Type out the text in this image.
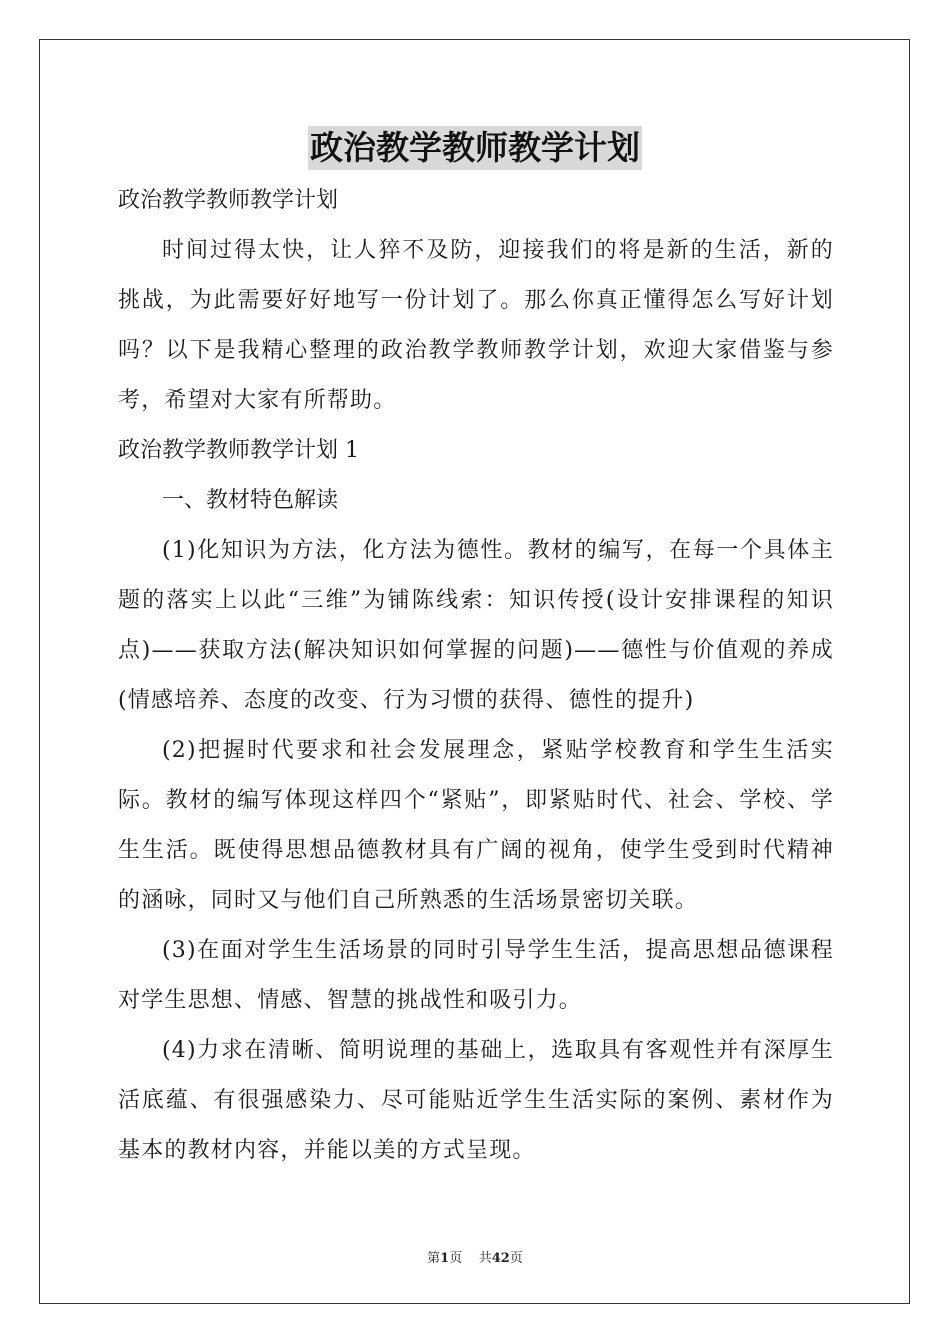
政治教学教师教学计划

政治教学教师教学计划

时间过得太快，让人猝不及防，迎接我们的将是新的生活，新的挑战，为此需要好好地写一份计划了。那么你真正懂得怎么写好计划吗？以下是我精心整理的政治教学教师教学计划，欢迎大家借鉴与参考，希望对大家有所帮助。

政治教学教师教学计划 1

一、教材特色解读

(1)化知识为方法，化方法为德性。教材的编写，在每一个具体主题的落实上以此“三维”为铺陈线索：知识传授(设计安排课程的知识点)——获取方法(解决知识如何掌握的问题)——德性与价值观的养成(情感培养、态度的改变、行为习惯的获得、德性的提升)

(2)把握时代要求和社会发展理念，紧贴学校教育和学生生活实际。教材的编写体现这样四个“紧贴”，即紧贴时代、社会、学校、学生生活。既使得思想品德教材具有广阔的视角，使学生受到时代精神的涵咏，同时又与他们自己所熟悉的生活场景密切关联。

(3)在面对学生生活场景的同时引导学生生活，提高思想品德课程对学生思想、情感、智慧的挑战性和吸引力。

(4)力求在清晰、简明说理的基础上，选取具有客观性并有深厚生活底蕴、有很强感染力、尽可能贴近学生生活实际的案例、素材作为基本的教材内容，并能以美的方式呈现。

第1页 共42页
